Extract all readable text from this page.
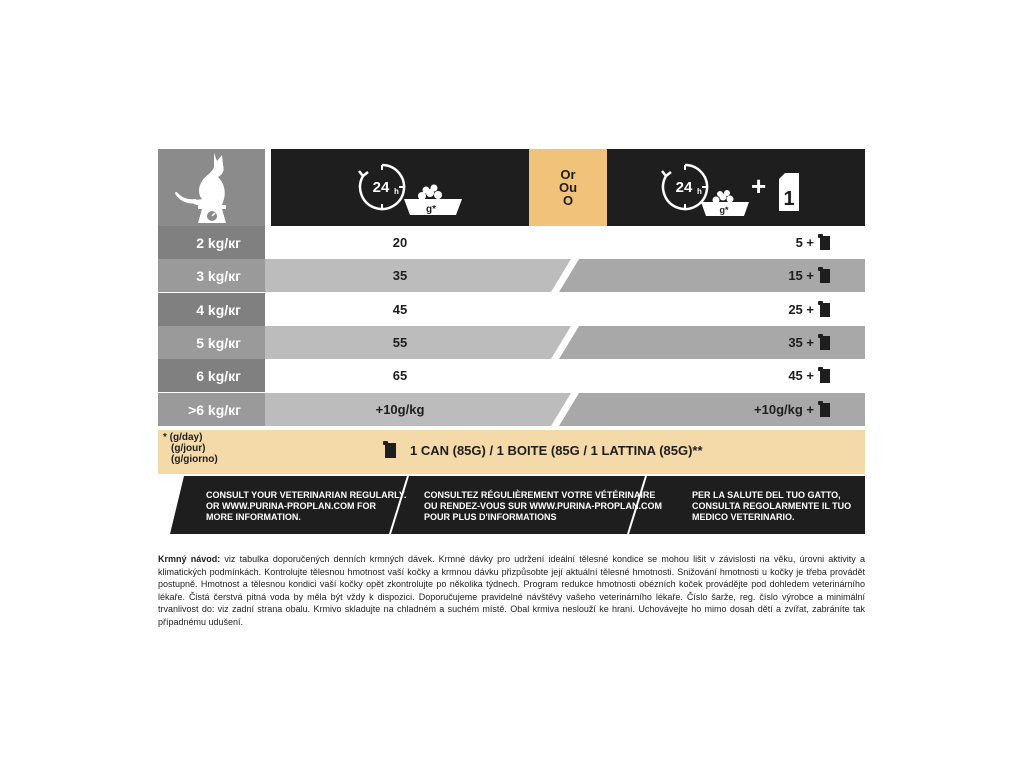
24 h
g*
Or
Ou
O
24 h
g*
+ 1
2 kg/кг	20	5 +
3 kg/кг	35	15 +
4 kg/кг	45	25 +
5 kg/кг	55	35 +
6 kg/кг	65	45 +
>6 kg/кг	+10g/kg	+10g/kg +
* (g/day)
(g/jour)
(g/giorno)
1 CAN (85G) / 1 BOITE (85G / 1 LATTINA (85G)**
CONSULT YOUR VETERINARIAN REGULARLY.
OR WWW.PURINA-PROPLAN.COM FOR
MORE INFORMATION.
CONSULTEZ RÉGULIÈREMENT VOTRE VÉTÉRINAIRE
OU RENDEZ-VOUS SUR WWW.PURINA-PROPLAN.COM
POUR PLUS D'INFORMATIONS
PER LA SALUTE DEL TUO GATTO,
CONSULTA REGOLARMENTE IL TUO
MEDICO VETERINARIO.
Krmný návod: viz tabulka doporučených denních krmných dávek. Krmné dávky pro udržení ideální tělesné kondice se mohou lišit v závislosti na věku, úrovni aktivity a klimatických podmínkách. Kontrolujte tělesnou hmotnost vaší kočky a krmnou dávku přizpůsobte její aktuální tělesné hmotnosti. Snižování hmotnosti u kočky je třeba provádět postupně. Hmotnost a tělesnou kondici vaší kočky opět zkontrolujte po několika týdnech. Program redukce hmotnosti obézních koček provádějte pod dohledem veterinárního lékaře. Čistá čerstvá pitná voda by měla být vždy k dispozici. Doporučujeme pravidelné návštěvy vašeho veterinárního lékaře. Číslo šarže, reg. číslo výrobce a minimální trvanlivost do: viz zadní strana obalu. Krmivo skladujte na chladném a suchém místě. Obal krmiva neslouží ke hraní. Uchovávejte ho mimo dosah dětí a zvířat, zabráníte tak případnému udušení.
